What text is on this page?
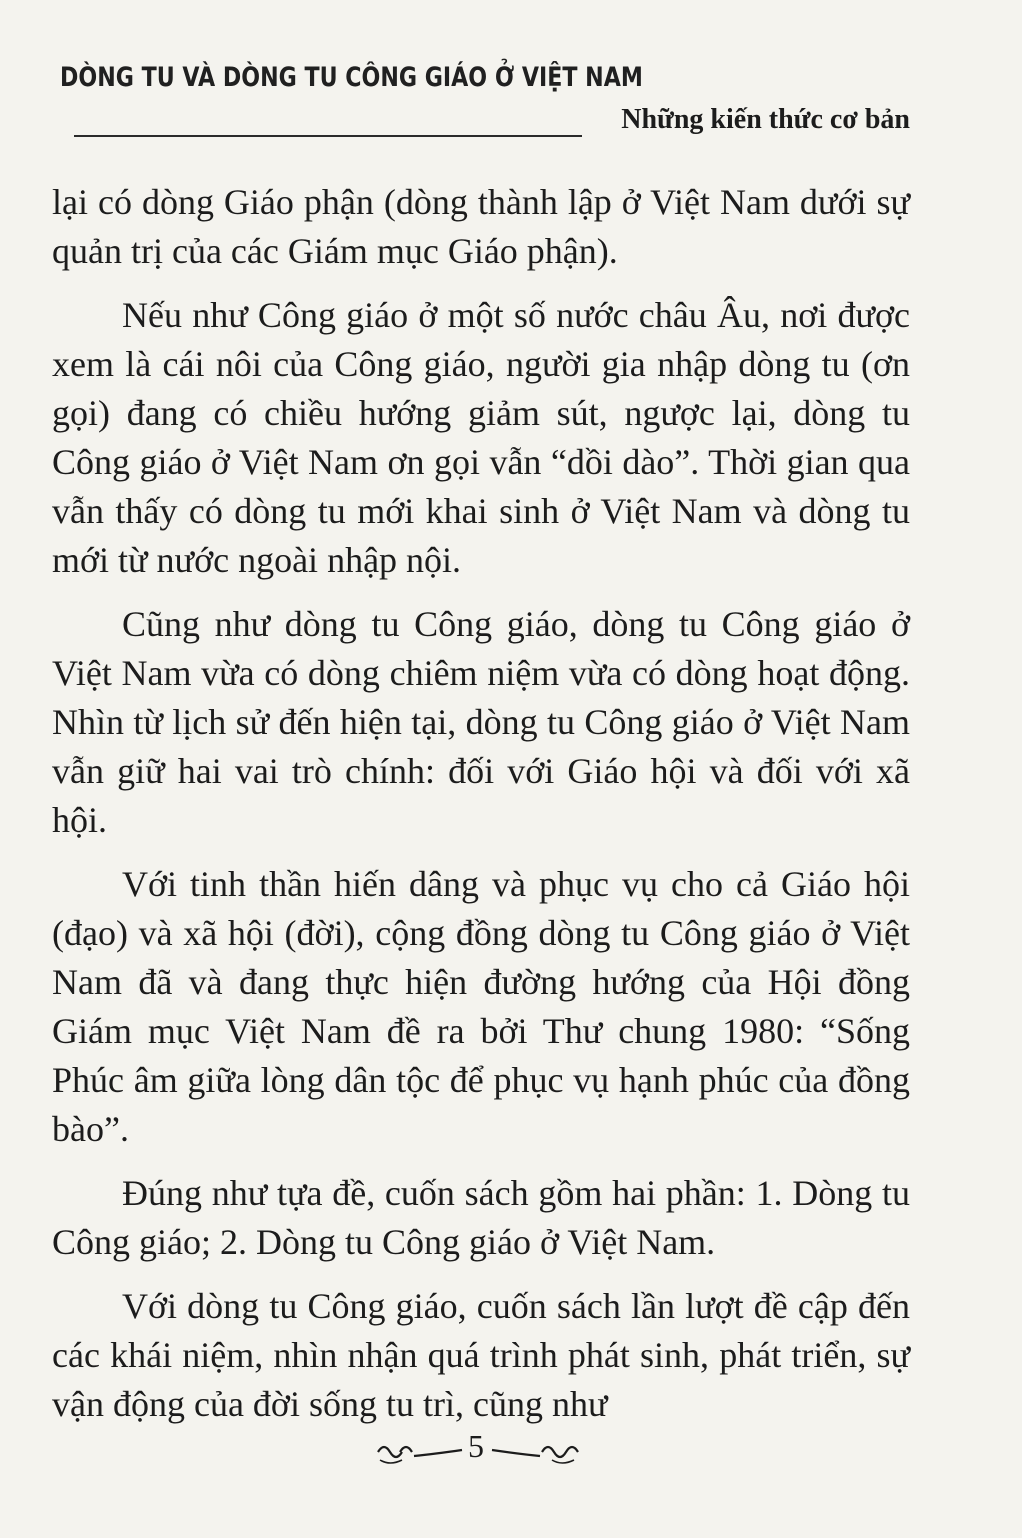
DÒNG TU VÀ DÒNG TU CÔNG GIÁO Ở VIỆT NAM
Những kiến thức cơ bản

lại có dòng Giáo phận (dòng thành lập ở Việt Nam dưới sự quản trị của các Giám mục Giáo phận).

Nếu như Công giáo ở một số nước châu Âu, nơi được xem là cái nôi của Công giáo, người gia nhập dòng tu (ơn gọi) đang có chiều hướng giảm sút, ngược lại, dòng tu Công giáo ở Việt Nam ơn gọi vẫn “dồi dào”. Thời gian qua vẫn thấy có dòng tu mới khai sinh ở Việt Nam và dòng tu mới từ nước ngoài nhập nội.

Cũng như dòng tu Công giáo, dòng tu Công giáo ở Việt Nam vừa có dòng chiêm niệm vừa có dòng hoạt động. Nhìn từ lịch sử đến hiện tại, dòng tu Công giáo ở Việt Nam vẫn giữ hai vai trò chính: đối với Giáo hội và đối với xã hội.

Với tinh thần hiến dâng và phục vụ cho cả Giáo hội (đạo) và xã hội (đời), cộng đồng dòng tu Công giáo ở Việt Nam đã và đang thực hiện đường hướng của Hội đồng Giám mục Việt Nam đề ra bởi Thư chung 1980: “Sống Phúc âm giữa lòng dân tộc để phục vụ hạnh phúc của đồng bào”.

Đúng như tựa đề, cuốn sách gồm hai phần: 1. Dòng tu Công giáo; 2. Dòng tu Công giáo ở Việt Nam.

Với dòng tu Công giáo, cuốn sách lần lượt đề cập đến các khái niệm, nhìn nhận quá trình phát sinh, phát triển, sự vận động của đời sống tu trì, cũng như

5
